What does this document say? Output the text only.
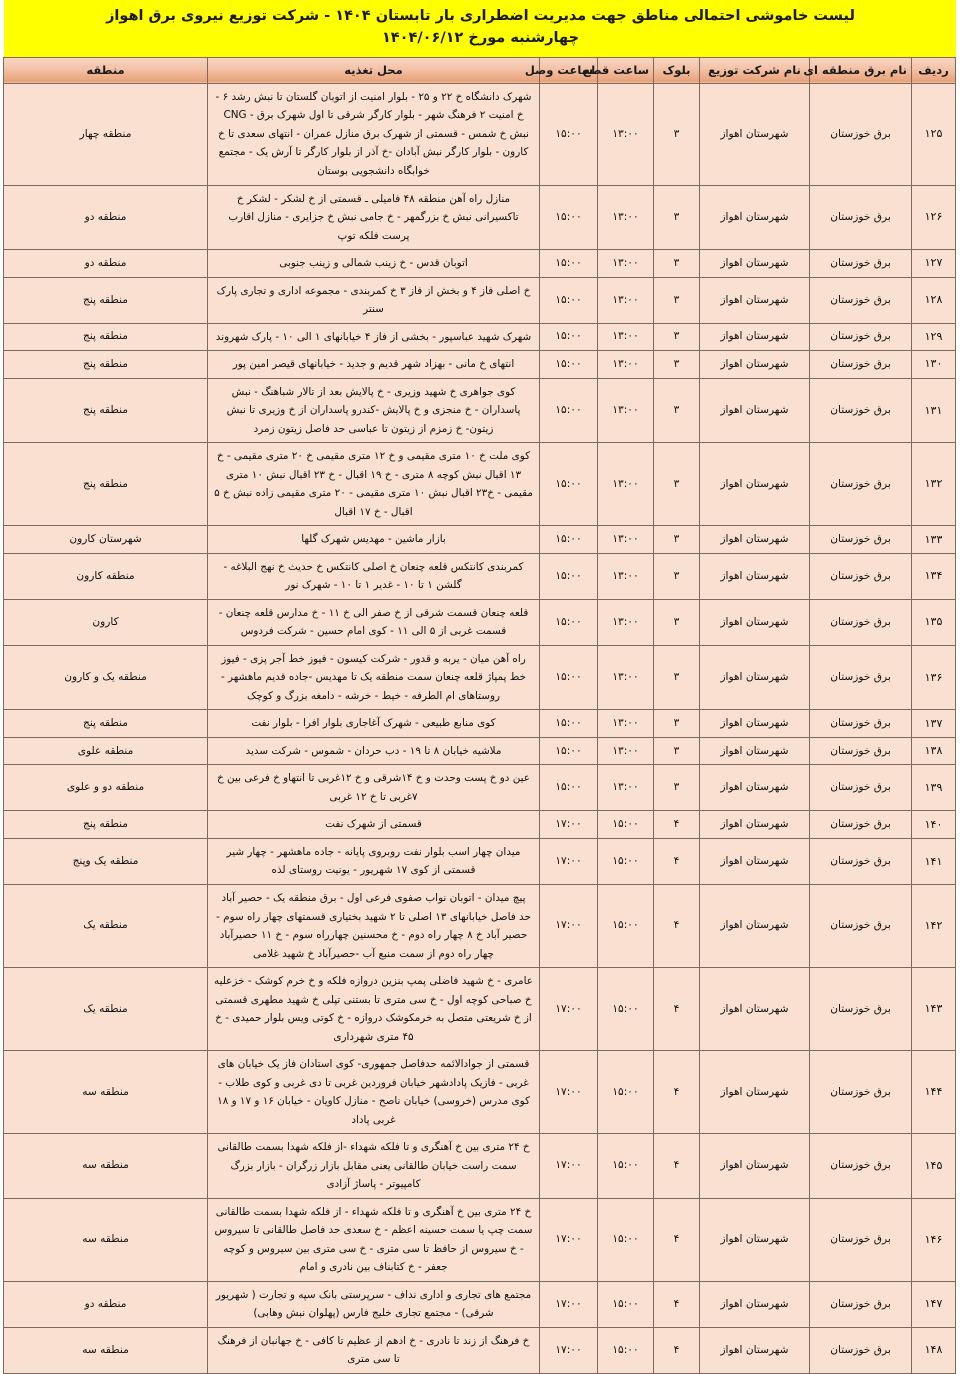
لیست خاموشی احتمالی مناطق جهت مدیریت اضطراری بار تابستان ۱۴۰۴ - شرکت توزیع نیروی برق اهواز
چهارشنبه مورخ ۱۴۰۴/۰۶/۱۲
ردیف	نام برق منطقه ای	نام شرکت توزیع	بلوک	ساعت قطع	ساعت وصل	محل تغذیه	منطقه
۱۲۵	برق خوزستان	شهرستان اهواز	۳	۱۳:۰۰	۱۵:۰۰	شهرک دانشگاه خ ۲۲ و ۲۵ - بلوار امنیت از اتوبان گلستان تا نبش رشد ۶ - خ امنیت ۲ فرهنگ شهر - بلوار کارگر شرقی تا اول شهرک برق - CNG نبش خ شمس - قسمتی از شهرک برق منازل عمران - انتهای سعدی تا خ کارون - بلوار کارگر نبش آبادان -خ آذر از بلوار کارگر تا آرش یک - مجتمع خوابگاه دانشجویی بوستان	منطقه چهار
۱۲۶	برق خوزستان	شهرستان اهواز	۳	۱۳:۰۰	۱۵:۰۰	منازل راه آهن منطقه ۴۸ فامیلی ـ قسمتی از خ لشکر - لشکر خ تاکسیرانی نبش خ بزرگمهر - خ جامی نبش خ جزایری - منازل اقارب پرست فلکه توپ	منطقه دو
۱۲۷	برق خوزستان	شهرستان اهواز	۳	۱۳:۰۰	۱۵:۰۰	اتوبان قدس - خ زینب شمالی و زینب جنوبی	منطقه دو
۱۲۸	برق خوزستان	شهرستان اهواز	۳	۱۳:۰۰	۱۵:۰۰	خ اصلی فاز ۴ و بخش از فاز ۳ خ کمربندی - مجموعه اداری و تجاری پارک سنتر	منطقه پنج
۱۲۹	برق خوزستان	شهرستان اهواز	۳	۱۳:۰۰	۱۵:۰۰	شهرک شهید عباسپور - بخشی از فاز ۴ خیابانهای ۱ الی ۱۰ - پارک شهروند	منطقه پنج
۱۳۰	برق خوزستان	شهرستان اهواز	۳	۱۳:۰۰	۱۵:۰۰	انتهای خ مانی - بهزاد شهر قدیم و جدید - خیابانهای قیصر امین پور	منطقه پنج
۱۳۱	برق خوزستان	شهرستان اهواز	۳	۱۳:۰۰	۱۵:۰۰	کوی جواهری خ شهید وزیری - خ پالایش بعد از تالار شباهنگ - نبش پاسداران - خ منجزی و خ پالایش -کندرو پاسداران از خ وزیری تا نبش زیتون- خ زمزم از زیتون تا عباسی حد فاصل زیتون زمرد	منطقه پنج
۱۳۲	برق خوزستان	شهرستان اهواز	۳	۱۳:۰۰	۱۵:۰۰	کوی ملت خ ۱۰ متری مقیمی و خ ۱۲ متری مقیمی خ ۲۰ متری مقیمی - خ ۱۳ اقبال نبش کوچه ۸ متری - خ ۱۹ اقبال - خ ۲۳ اقبال نبش ۱۰ متری مقیمی - خ۲۳ اقبال نبش ۱۰ متری مقیمی - ۲۰ متری مقیمی زاده نبش خ ۵ اقبال - خ ۱۷ اقبال	منطقه پنج
۱۳۳	برق خوزستان	شهرستان اهواز	۳	۱۳:۰۰	۱۵:۰۰	بازار ماشین - مهدیس شهرک گلها	شهرستان کارون
۱۳۴	برق خوزستان	شهرستان اهواز	۳	۱۳:۰۰	۱۵:۰۰	کمربندی کانتکس قلعه چنعان خ اصلی کانتکس خ حدیث خ نهج البلاغه - گلشن ۱ تا ۱۰ - غدیر ۱ تا ۱۰ - شهرک نور	منطقه کارون
۱۳۵	برق خوزستان	شهرستان اهواز	۳	۱۳:۰۰	۱۵:۰۰	قلعه چنعان قسمت شرقی از خ صفر الی خ ۱۱ - خ مدارس قلعه چنعان - قسمت غربی از ۵ الی ۱۱ - کوی امام حسین - شرکت فردوس	کارون
۱۳۶	برق خوزستان	شهرستان اهواز	۳	۱۳:۰۰	۱۵:۰۰	راه آهن میان - یربه و قدور - شرکت کیسون - فیوز خط آجر پزی - فیوز خط پمپاژ قلعه چنعان سمت منطقه یک تا مهدیس -جاده قدیم ماهشهر - روستاهای ام الطرفه - خیط - خرشه - دامغه بزرگ و کوچک	منطقه یک و کارون
۱۳۷	برق خوزستان	شهرستان اهواز	۳	۱۳:۰۰	۱۵:۰۰	کوی منابع طبیعی - شهرک آغاجاری بلوار افرا - بلوار نفت	منطقه پنج
۱۳۸	برق خوزستان	شهرستان اهواز	۳	۱۳:۰۰	۱۵:۰۰	ملاشیه خیابان ۸ تا ۱۹ - دب حردان - شموس - شرکت سدید	منطقه علوی
۱۳۹	برق خوزستان	شهرستان اهواز	۳	۱۳:۰۰	۱۵:۰۰	عین دو خ پست وحدت و خ ۱۴شرقی و خ ۱۲غربی تا انتهاو خ فرعی بین خ ۷غربی تا خ ۱۲ غربی	منطقه دو و علوی
۱۴۰	برق خوزستان	شهرستان اهواز	۴	۱۵:۰۰	۱۷:۰۰	قسمتی از شهرک نفت	منطقه پنج
۱۴۱	برق خوزستان	شهرستان اهواز	۴	۱۵:۰۰	۱۷:۰۰	میدان چهار اسب بلوار نفت روبروی پایانه - جاده ماهشهر - چهار شیر قسمتی از کوی ۱۷ شهریور - یونیت روستای لذه	منطقه یک وپنج
۱۴۲	برق خوزستان	شهرستان اهواز	۴	۱۵:۰۰	۱۷:۰۰	پیچ میدان - اتوبان نواب صفوی فرعی اول - برق منطقه یک - حصیر آباد حد فاصل خیابانهای ۱۳ اصلی تا ۲ شهید بختیاری قسمتهای چهار راه سوم - حصیر آباد خ ۸ چهار راه دوم - خ محسنین چهارراه سوم - خ ۱۱ حصیرآباد چهار راه دوم از سمت منبع آب -حصیرآباد خ شهید غلامی	منطقه یک
۱۴۳	برق خوزستان	شهرستان اهواز	۴	۱۵:۰۰	۱۷:۰۰	عامری - خ شهید فاضلی پمپ بنزین دروازه فلکه و خ خرم کوشک - خزعلیه خ صباحی کوچه اول - خ سی متری تا بستنی تپلی خ شهید مطهری قسمتی از خ شریعتی متصل به خرمکوشک دروازه - خ کوتی ویس بلوار حمیدی - خ ۴۵ متری شهرداری	منطقه یک
۱۴۴	برق خوزستان	شهرستان اهواز	۴	۱۵:۰۰	۱۷:۰۰	قسمتی از جوادالائمه حدفاصل جمهوری- کوی استادان فاز یک خیابان های غربی - فازیک پادادشهر خیابان فروردین غربی تا دی غربی و کوی طلاب - کوی مدرس (خروسی) خیابان ناصح - منازل کاویان - خیابان ۱۶ و ۱۷ و ۱۸ غربی پاداد	منطقه سه
۱۴۵	برق خوزستان	شهرستان اهواز	۴	۱۵:۰۰	۱۷:۰۰	خ ۲۴ متری بین خ آهنگری و تا فلکه شهداء -از فلکه شهدا بسمت طالقانی سمت راست خیابان طالقانی یعنی مقابل بازار زرگران - بازار بزرگ کامپیوتر - پاساژ آزادی	منطقه سه
۱۴۶	برق خوزستان	شهرستان اهواز	۴	۱۵:۰۰	۱۷:۰۰	خ ۲۴ متری بین خ آهنگری و تا فلکه شهداء - از فلکه شهدا بسمت طالقانی سمت چپ یا سمت حسینه اعظم - خ سعدی حد فاصل طالقانی تا سیروس - خ سیروس از حافظ تا سی متری - خ سی متری بین سیروس و کوچه جعفر - خ کتابناف بین نادری و امام	منطقه سه
۱۴۷	برق خوزستان	شهرستان اهواز	۴	۱۵:۰۰	۱۷:۰۰	مجتمع های تجاری و اداری نداف - سرپرستی بانک سپه و تجارت ( شهریور شرقی) - مجتمع تجاری خلیج فارس (پهلوان نبش وهابی)	منطقه دو
۱۴۸	برق خوزستان	شهرستان اهواز	۴	۱۵:۰۰	۱۷:۰۰	خ فرهنگ از زند تا نادری - خ ادهم از عظیم تا کافی - خ جهانبان از فرهنگ تا سی متری	منطقه سه
